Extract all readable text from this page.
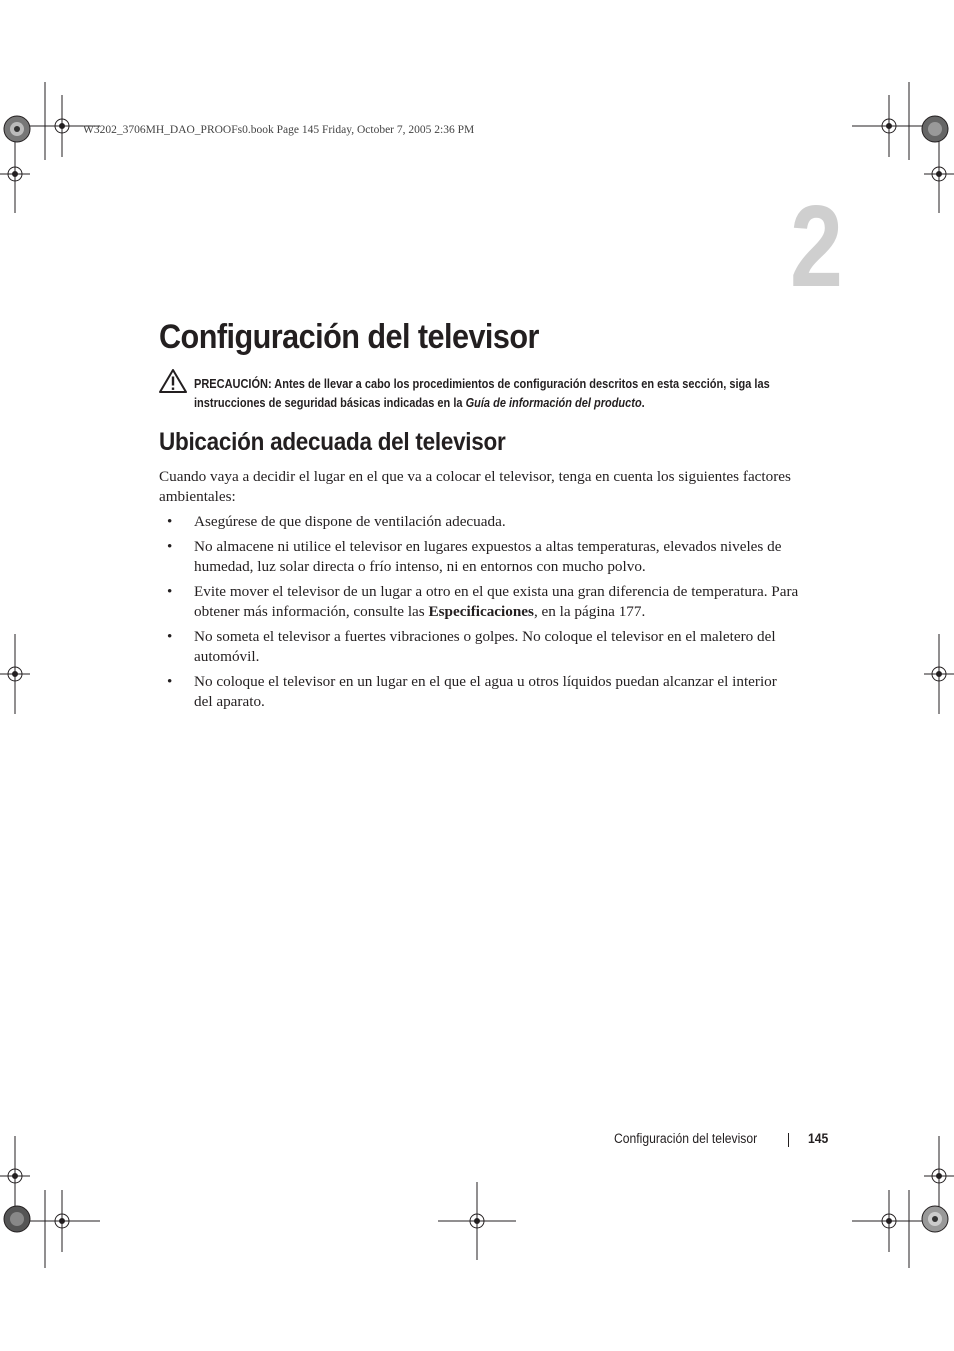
W3202_3706MH_DAO_PROOFs0.book Page 145 Friday, October 7, 2005 2:36 PM
2
Configuración del televisor
PRECAUCIÓN: Antes de llevar a cabo los procedimientos de configuración descritos en esta sección, siga las instrucciones de seguridad básicas indicadas en la Guía de información del producto.
Ubicación adecuada del televisor

Cuando vaya a decidir el lugar en el que va a colocar el televisor, tenga en cuenta los siguientes factores ambientales:

• Asegúrese de que dispone de ventilación adecuada.
• No almacene ni utilice el televisor en lugares expuestos a altas temperaturas, elevados niveles de humedad, luz solar directa o frío intenso, ni en entornos con mucho polvo.
• Evite mover el televisor de un lugar a otro en el que exista una gran diferencia de temperatura. Para obtener más información, consulte las Especificaciones, en la página 177.
• No someta el televisor a fuertes vibraciones o golpes. No coloque el televisor en el maletero del automóvil.
• No coloque el televisor en un lugar en el que el agua u otros líquidos puedan alcanzar el interior del aparato.
Configuración del televisor	145
